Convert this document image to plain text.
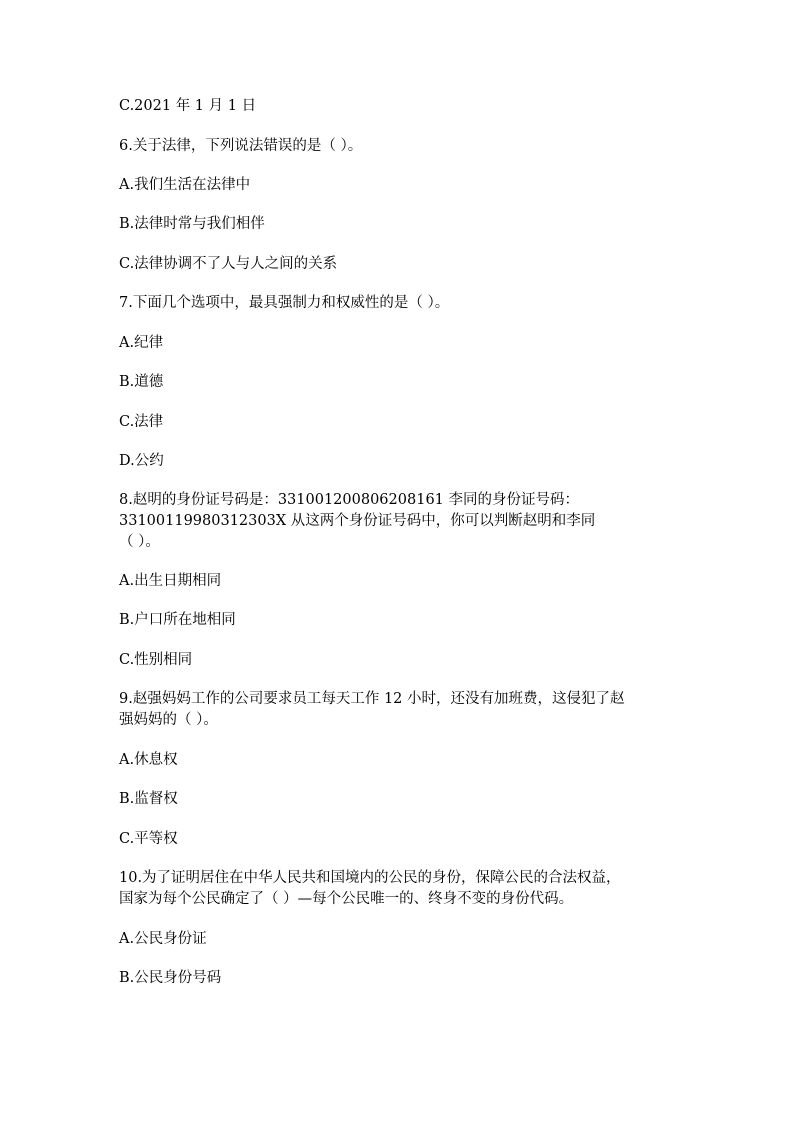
C.2021 年 1 月 1 日
6.关于法律，下列说法错误的是（ ）。
A.我们生活在法律中
B.法律时常与我们相伴
C.法律协调不了人与人之间的关系
7.下面几个选项中，最具强制力和权威性的是（ ）。
A.纪律
B.道德
C.法律
D.公约
8.赵明的身份证号码是：331001200806208161 李同的身份证号码：
33100119980312303X 从这两个身份证号码中，你可以判断赵明和李同
（ ）。
A.出生日期相同
B.户口所在地相同
C.性别相同
9.赵强妈妈工作的公司要求员工每天工作 12 小时，还没有加班费，这侵犯了赵
强妈妈的（ ）。
A.休息权
B.监督权
C.平等权
10.为了证明居住在中华人民共和国境内的公民的身份，保障公民的合法权益，
国家为每个公民确定了（ ）—每个公民唯一的、终身不变的身份代码。
A.公民身份证
B.公民身份号码
